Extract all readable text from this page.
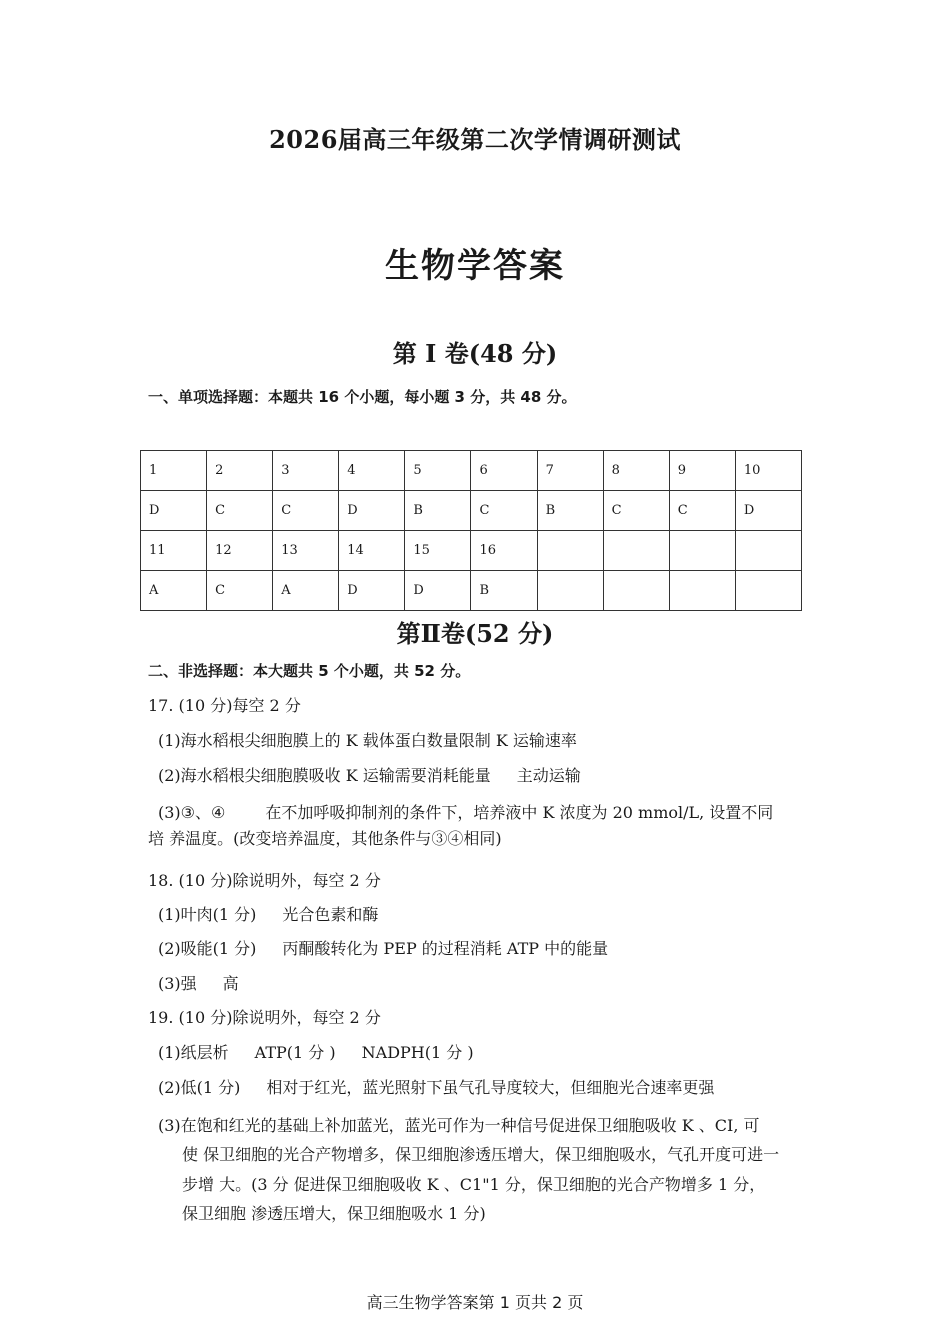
2026届高三年级第二次学情调研测试
生物学答案
第 I 卷(48 分)
一、单项选择题：本题共 16 个小题，每小题 3 分，共 48 分。
1	2	3	4	5	6	7	8	9	10
D	C	C	D	B	C	B	C	C	D
11	12	13	14	15	16				
A	C	A	D	D	B				
第Ⅱ卷(52 分)
二、非选择题：本大题共 5 个小题，共 52 分。
17. (10 分)每空 2 分
(1)海水稻根尖细胞膜上的 K 载体蛋白数量限制 K 运输速率
(2)海水稻根尖细胞膜吸收 K 运输需要消耗能量 主动运输
(3)③、④	在不加呼吸抑制剂的条件下，培养液中 K 浓度为 20 mmol/L, 设置不同
培 养温度。(改变培养温度，其他条件与③④相同)
18. (10 分)除说明外，每空 2 分
(1)叶肉(1 分) 光合色素和酶
(2)吸能(1 分) 丙酮酸转化为 PEP 的过程消耗 ATP 中的能量
(3)强 高
19. (10 分)除说明外，每空 2 分
(1)纸层析 ATP(1 分 ) NADPH(1 分 )
(2)低(1 分) 相对于红光，蓝光照射下虽气孔导度较大，但细胞光合速率更强
(3)在饱和红光的基础上补加蓝光，蓝光可作为一种信号促进保卫细胞吸收 K 、CI, 可
使 保卫细胞的光合产物增多，保卫细胞渗透压增大，保卫细胞吸水，气孔开度可进一
步增 大。(3 分 促进保卫细胞吸收 K 、C1"1 分，保卫细胞的光合产物增多 1 分，
保卫细胞 渗透压增大，保卫细胞吸水 1 分)
高三生物学答案第 1 页共 2 页
